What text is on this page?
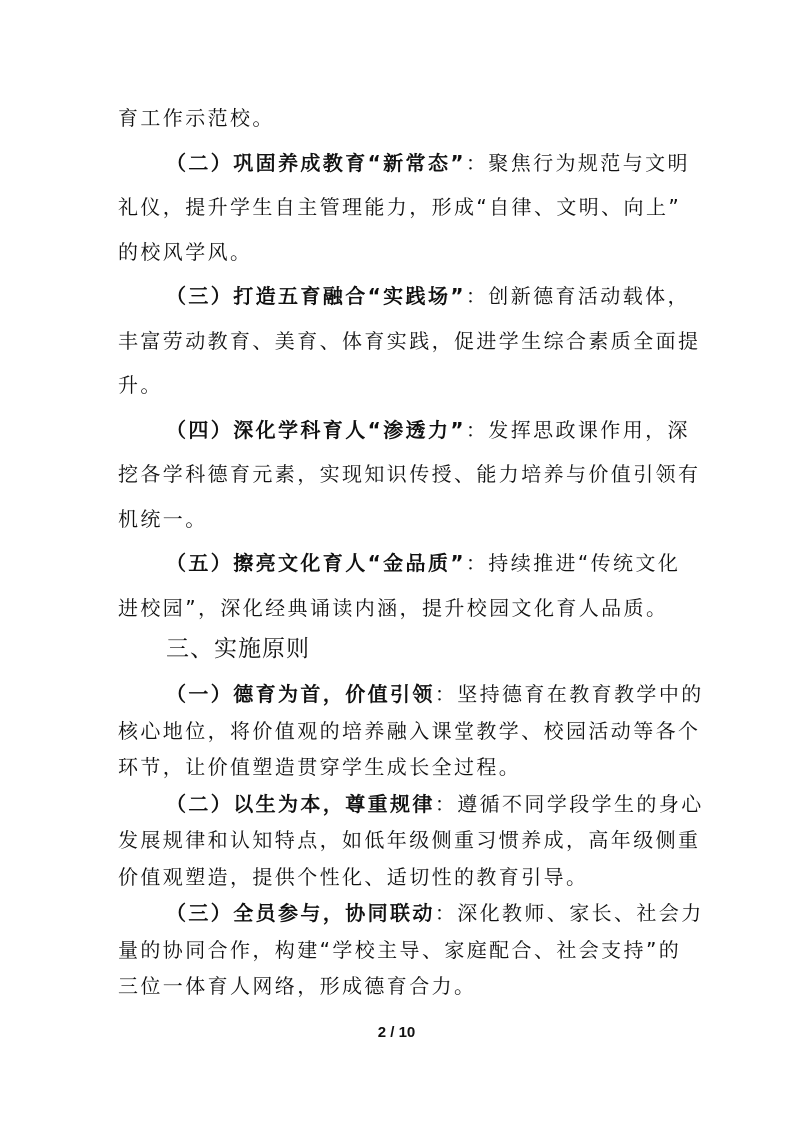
育工作示范校。
（二）巩固养成教育“新常态”：聚焦行为规范与文明
礼仪，提升学生自主管理能力，形成“自律、文明、向上”
的校风学风。
（三）打造五育融合“实践场”：创新德育活动载体，
丰富劳动教育、美育、体育实践，促进学生综合素质全面提
升。
（四）深化学科育人“渗透力”：发挥思政课作用，深
挖各学科德育元素，实现知识传授、能力培养与价值引领有
机统一。
（五）擦亮文化育人“金品质”：持续推进“传统文化
进校园”，深化经典诵读内涵，提升校园文化育人品质。
三、实施原则
（一）德育为首，价值引领：坚持德育在教育教学中的
核心地位，将价值观的培养融入课堂教学、校园活动等各个
环节，让价值塑造贯穿学生成长全过程。
（二）以生为本，尊重规律：遵循不同学段学生的身心
发展规律和认知特点，如低年级侧重习惯养成，高年级侧重
价值观塑造，提供个性化、适切性的教育引导。
（三）全员参与，协同联动：深化教师、家长、社会力
量的协同合作，构建“学校主导、家庭配合、社会支持”的
三位一体育人网络，形成德育合力。
2 / 10
